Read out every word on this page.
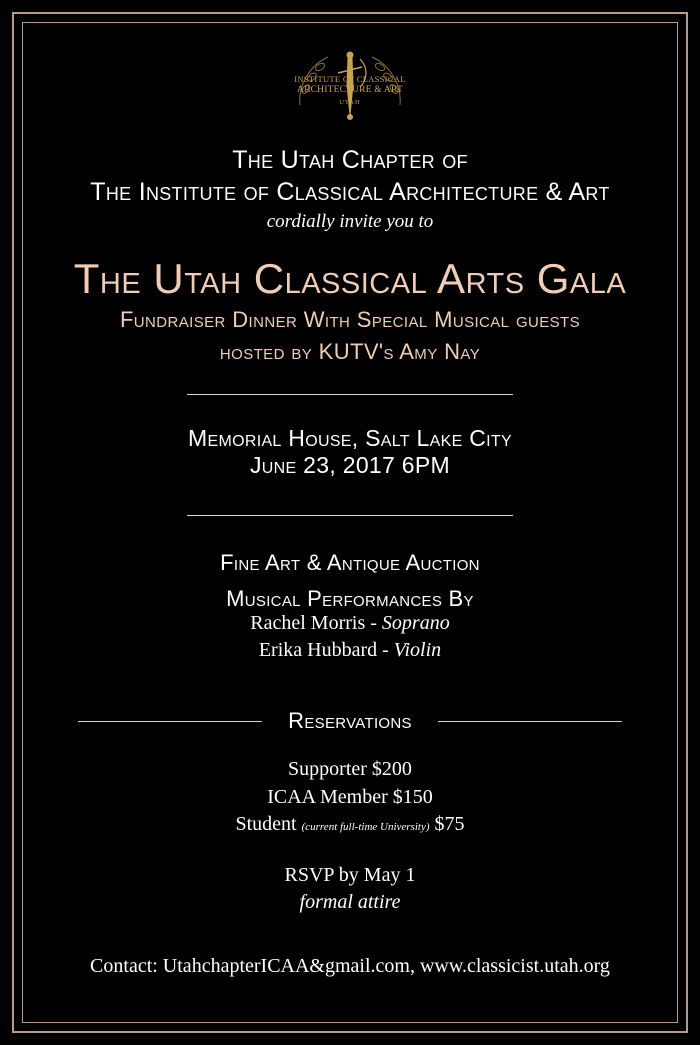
INSTITUTE OF CLASSICAL
ARCHITECTURE & ART
UTAH
The Utah Chapter of
The Institute of Classical Architecture & Art
cordially invite you to
The Utah Classical Arts Gala
Fundraiser Dinner With Special Musical guests
hosted by KUTV's Amy Nay
Memorial House, Salt Lake City
June 23, 2017 6PM
Fine Art & Antique Auction
Musical Performances By
Rachel Morris - Soprano
Erika Hubbard - Violin
Reservations
Supporter $200
ICAA Member $150
Student (current full-time University) $75
RSVP by May 1
formal attire
Contact: UtahchapterICAA&gmail.com, www.classicist.utah.org
